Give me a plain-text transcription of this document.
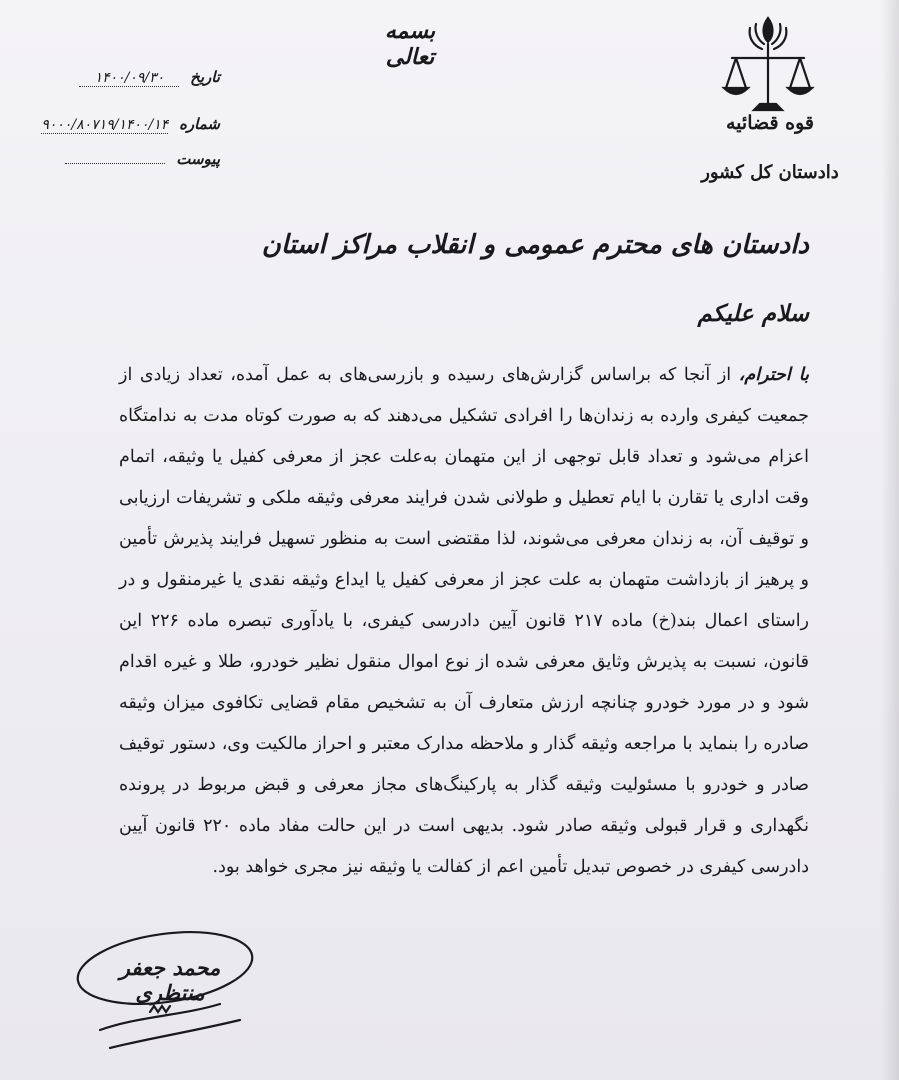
بسمه تعالی
قوه قضائیه
دادستان کل کشور
تاریخ ۱۴۰۰/۰۹/۳۰
شماره ۹۰۰۰/۸۰۷۱۹/۱۴۰۰/۱۴
پیوست
دادستان های محترم عمومی و انقلاب مراکز استان
سلام علیکم

با احترام، از آنجا که براساس گزارش‌های رسیده و بازرسی‌های به عمل آمده، تعداد زیادی از جمعیت کیفری وارده به زندان‌ها را افرادی تشکیل می‌دهند که به صورت کوتاه مدت به ندامتگاه اعزام می‌شود و تعداد قابل توجهی از این متهمان به‌علت عجز از معرفی کفیل یا وثیقه، اتمام وقت اداری یا تقارن با ایام تعطیل و طولانی شدن فرایند معرفی وثیقه ملکی و تشریفات ارزیابی و توقیف آن، به زندان معرفی می‌شوند، لذا مقتضی است به منظور تسهیل فرایند پذیرش تأمین و پرهیز از بازداشت متهمان به علت عجز از معرفی کفیل یا ایداع وثیقه نقدی یا غیرمنقول و در راستای اعمال بند(خ) ماده ۲۱۷ قانون آیین دادرسی کیفری، با یادآوری تبصره ماده ۲۲۶ این قانون، نسبت به پذیرش وثایق معرفی شده از نوع اموال منقول نظیر خودرو، طلا و غیره اقدام شود و در مورد خودرو چنانچه ارزش متعارف آن به تشخیص مقام قضایی تکافوی میزان وثیقه صادره را بنماید با مراجعه وثیقه گذار و ملاحظه مدارک معتبر و احراز مالکیت وی، دستور توقیف صادر و خودرو با مسئولیت وثیقه گذار به پارکینگ‌های مجاز معرفی و قبض مربوط در پرونده نگهداری و قرار قبولی وثیقه صادر شود. بدیهی است در این حالت مفاد ماده ۲۲۰ قانون آیین دادرسی کیفری در خصوص تبدیل تأمین اعم از کفالت یا وثیقه نیز مجری خواهد بود.

محمد جعفر منتظری
